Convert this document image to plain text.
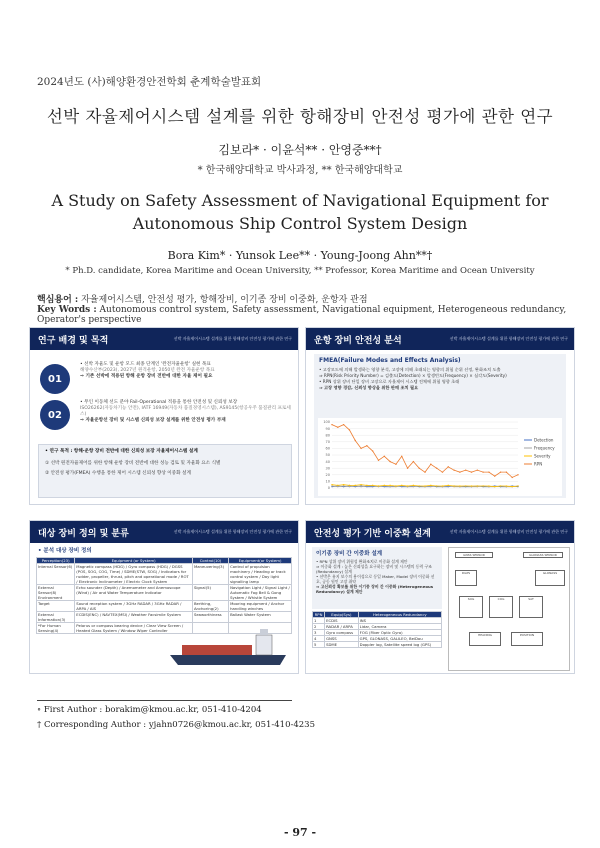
2024년도 (사)해양환경안전학회 춘계학술발표회
선박 자율제어시스템 설계를 위한 항해장비 안전성 평가에 관한 연구
김보라* · 이윤석** · 안영중**†
* 한국해양대학교 박사과정, ** 한국해양대학교
A Study on Safety Assessment of Navigational Equipment for Autonomous Ship Control System Design
Bora Kim* · Yunsok Lee** · Young-Joong Ahn**†
* Ph.D. candidate, Korea Maritime and Ocean University, ** Professor, Korea Maritime and Ocean University
핵심용어 : 자율제어시스템, 안전성 평가, 항해장비, 이기종 장비 이중화, 운항자 관점
Key Words : Autonomous control system, Safety assessment, Navigational equipment, Heterogeneous redundancy, Operator's perspective
연구 배경 및 목적	선박 자율제어시스템 설계를 위한 항해장비 안전성 평가에 관한 연구
01
• 선박 자율도 및 운항 모드 최종 단계인 '완전자율운항' 실현 목표
해양수산부(2023), 2027년 원격운항, 2050년 완전 자율운항 목표
⇒ 기존 선박에 적용된 항해 운항 장비 전반에 대한 자율 제어 필요
02
• 무인 이동체 선도 분야 Fail-Operational 적용을 통한 안전성 및 신뢰성 보장
ISO26262(자동차기능 안전), IATF 16949(자동차 품질경영시스템), AS9145(항공우주 품질관리 프로세스)
⇒ 자율운항선 장비 및 시스템 신뢰성 보장 설계를 위한 안전성 평가 부재
• 연구 목적 : 항해·운항 장비 전반에 대한 신뢰성 보장 자율제어시스템 설계
① 선박 원전자율제어를 위한 항해 운항 장비 전반에 대한 성능 검토 및 자율화 요소 식별
② 안전성 평가(FMEA) 수행을 통한 제어 시스템 신뢰성 향상 이중화 설계
운항 장비 안전성 분석	선박 자율제어시스템 설계를 위한 항해장비 안전성 평가에 관한 연구
FMEA(Failure Modes and Effects Analysis)
• 고장모드에 의해 발생하는 영향 분석, 고장에 의해 초래되는 영향의 위험 순위 선정, 완화조치 도출
⇒ RPN(Risk Priority Number) = 검출도(Detection) × 발생빈도(Frequency) × 심각도(Severity)
• RPN 상위 장비 단일 장비 고장으로 자율제어 시스템 전체에 위험 영향 초래
⇒ 고장 영향 경감, 신뢰성 향상을 위한 판매 조치 필요
100
90
80
70
60
50
40
30
20
10
0
Detection
Frequency
Severity
RPN
대상 장비 정의 및 분류	선박 자율제어시스템 설계를 위한 항해장비 안전성 평가에 관한 연구
• 분석 대상 장비 정의
Perception(23)	Equipment (or System)	Control(10)	Equipment(or System)
Internal Sensor(6)	Magnetic compass (HDG) / Gyro compass (HDG) / DGSS (POS, SOG, COG, Time) / SDME(STW, SOG) / Indicators for rudder, propeller, thrust, pitch and operational mode / ROT / Electronic Inclinometer / Electric Clock System	Maneuvering(3)	Control of propulsion machinery / Heading or track control system / Day light signalling lamp
External Sensor(8) Environment	Echo sounder (Depth) / Anemometer and Anemoscope (Wind) / Air and Water Temperature Indicator	Signal(5)	Navigation Light / Signal Light / Automatic Fog Bell & Gong System / Whistle System
Target	Sound reception system / 3GHz RADAR / 3GHz RADAR / ARPA / AIS	Berthing, Anchoring(2)	Mooring equipment / Anchor handling winches
External Information(3)	ECDIS(ENC) / NAVTEX(MSI) / Weather Facsimile System	Seaworthiness	Ballast Water System
*For Human Sensing(4)	Pelorus or compass bearing device / Clear View Screen / Heated Glass System / Window Wiper Controller		
안전성 평가 기반 이중화 설계	선박 자율제어시스템 설계를 위한 항해장비 안전성 평가에 관한 연구
이기종 장비 간 이중화 설계
• RPN 상위 장비 위험성 완화조치로 이중화 설계 제안
⇒ 이중화 설계 : 높은 신뢰성을 요구하는 장비 및 시스템의 동력 구조(Redundancy) 설계
• 선박은 유지 보수의 용이성으로 동일 Maker, Model 장비 이중화 선호, 공동 원인 고장 취약
⇒ 고신뢰성 확보를 위한 이기종 장비 간 이중화 (Heterogeneous Redundancy) 설계 제안
RPN	Equip(Sys)	Heterogeneous Redundancy
1	ECDIS	INS
2	RADAR / ARPA	Lidar, Camera
3	Gyro compass	FOG (Fiber Optic Gyro)
4	GNSS	GPS, GLONASS, GALILEO, BeiDou
5	SDME	Doppler log, Satellite speed log (GPS)
GNSS SENSOR	GLONASS SENSOR
DGPS	GLONASS
SOG	COG	SAT
HEADING	POSITION
∘ First Author : borakim@kmou.ac.kr, 051-410-4204
† Corresponding Author : yjahn0726@kmou.ac.kr, 051-410-4235
- 97 -
